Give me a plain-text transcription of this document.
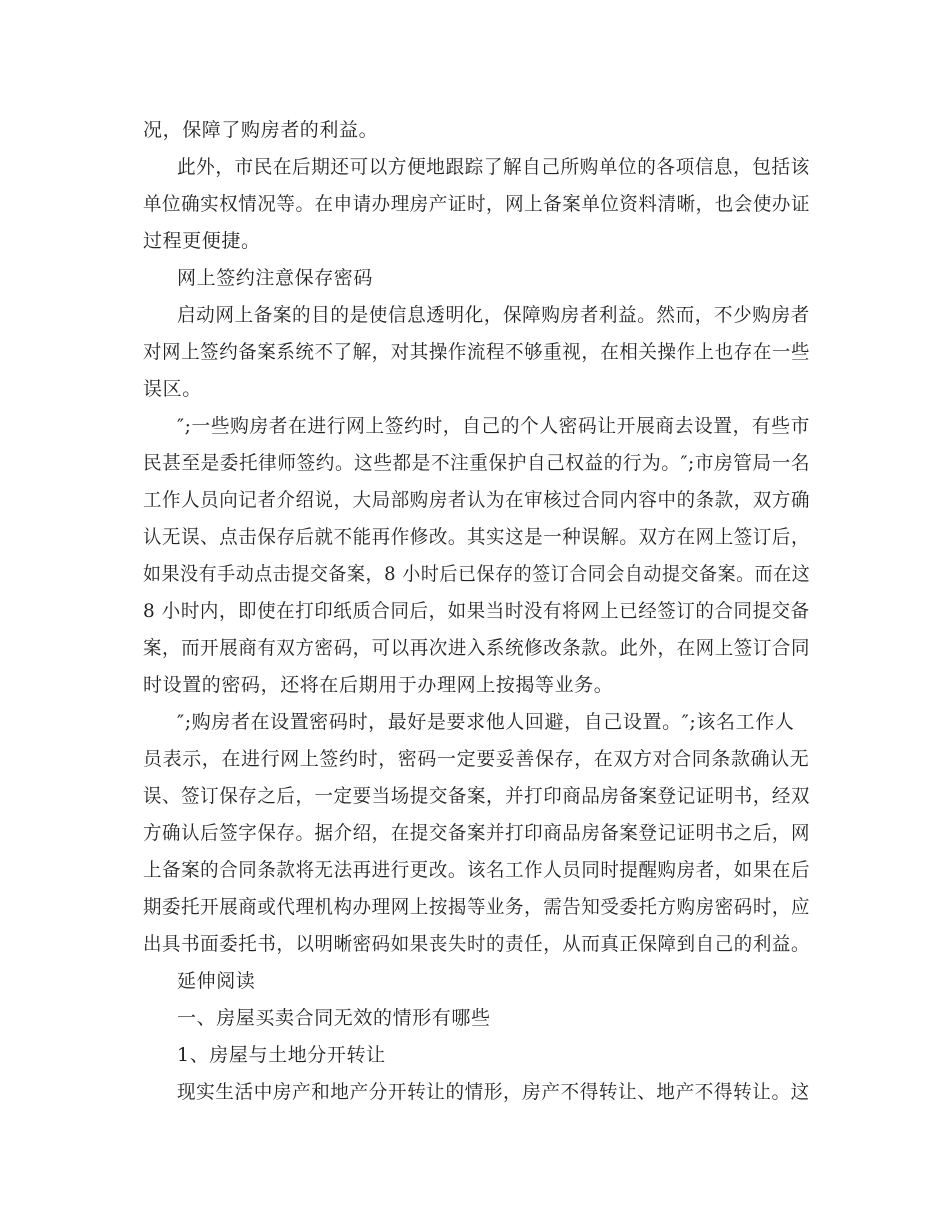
况，保障了购房者的利益。
此外，市民在后期还可以方便地跟踪了解自己所购单位的各项信息，包括该
单位确实权情况等。在申请办理房产证时，网上备案单位资料清晰，也会使办证
过程更便捷。
网上签约注意保存密码
启动网上备案的目的是使信息透明化，保障购房者利益。然而，不少购房者
对网上签约备案系统不了解，对其操作流程不够重视，在相关操作上也存在一些
误区。
″;一些购房者在进行网上签约时，自己的个人密码让开展商去设置，有些市
民甚至是委托律师签约。这些都是不注重保护自己权益的行为。″;市房管局一名
工作人员向记者介绍说，大局部购房者认为在审核过合同内容中的条款，双方确
认无误、点击保存后就不能再作修改。其实这是一种误解。双方在网上签订后，
如果没有手动点击提交备案，8 小时后已保存的签订合同会自动提交备案。而在这
8 小时内，即使在打印纸质合同后，如果当时没有将网上已经签订的合同提交备
案，而开展商有双方密码，可以再次进入系统修改条款。此外，在网上签订合同
时设置的密码，还将在后期用于办理网上按揭等业务。
″;购房者在设置密码时，最好是要求他人回避，自己设置。″;该名工作人
员表示，在进行网上签约时，密码一定要妥善保存，在双方对合同条款确认无
误、签订保存之后，一定要当场提交备案，并打印商品房备案登记证明书，经双
方确认后签字保存。据介绍，在提交备案并打印商品房备案登记证明书之后，网
上备案的合同条款将无法再进行更改。该名工作人员同时提醒购房者，如果在后
期委托开展商或代理机构办理网上按揭等业务，需告知受委托方购房密码时，应
出具书面委托书，以明晰密码如果丧失时的责任，从而真正保障到自己的利益。
延伸阅读
一、房屋买卖合同无效的情形有哪些
1、房屋与土地分开转让
现实生活中房产和地产分开转让的情形，房产不得转让、地产不得转让。这
